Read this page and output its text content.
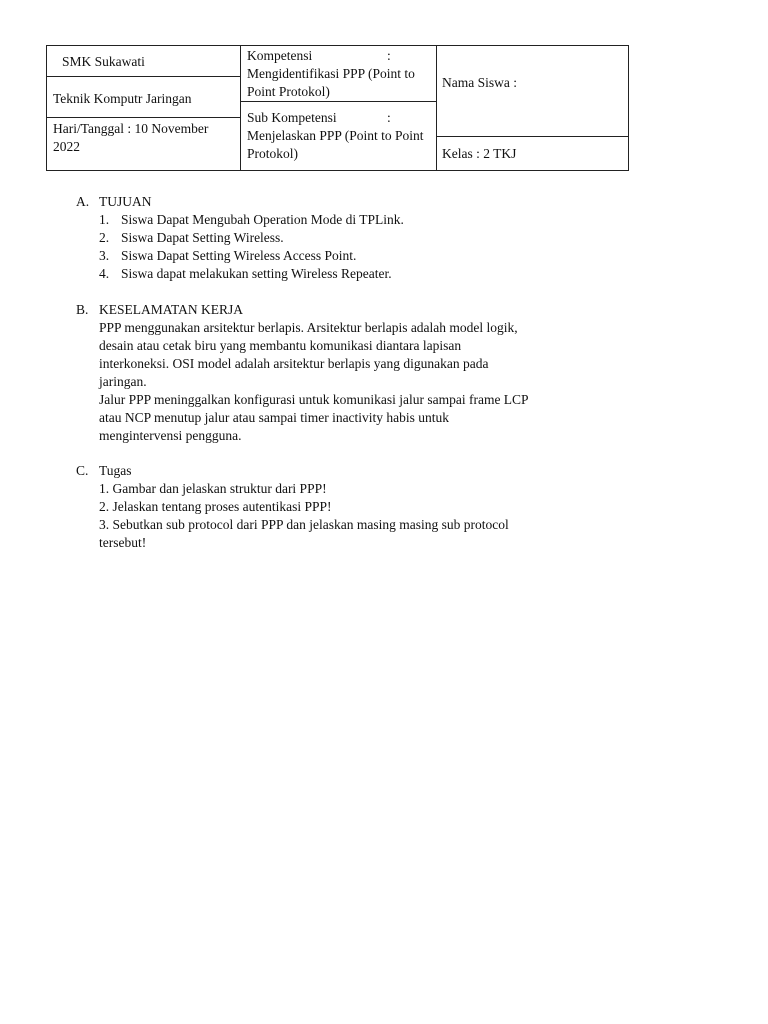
SMK Sukawati
Teknik Komputr Jaringan
Hari/Tanggal : 10 November 2022
Kompetensi	:
Mengidentifikasi PPP (Point to Point Protokol)
Sub Kompetensi	:
Menjelaskan PPP (Point to Point Protokol)
Nama Siswa :
Kelas : 2 TKJ
A. TUJUAN
1. Siswa Dapat Mengubah Operation Mode di TPLink.
2. Siswa Dapat Setting Wireless.
3. Siswa Dapat Setting Wireless Access Point.
4. Siswa dapat melakukan setting Wireless Repeater.
B. KESELAMATAN KERJA

PPP menggunakan arsitektur berlapis. Arsitektur berlapis adalah model logik, desain atau cetak biru yang membantu komunikasi diantara lapisan interkoneksi. OSI model adalah arsitektur berlapis yang digunakan pada jaringan.

Jalur PPP meninggalkan konfigurasi untuk komunikasi jalur sampai frame LCP atau NCP menutup jalur atau sampai timer inactivity habis untuk mengintervensi pengguna.

C. Tugas
1. Gambar dan jelaskan struktur dari PPP!
2. Jelaskan tentang proses autentikasi PPP!
3. Sebutkan sub protocol dari PPP dan jelaskan masing masing sub protocol tersebut!
